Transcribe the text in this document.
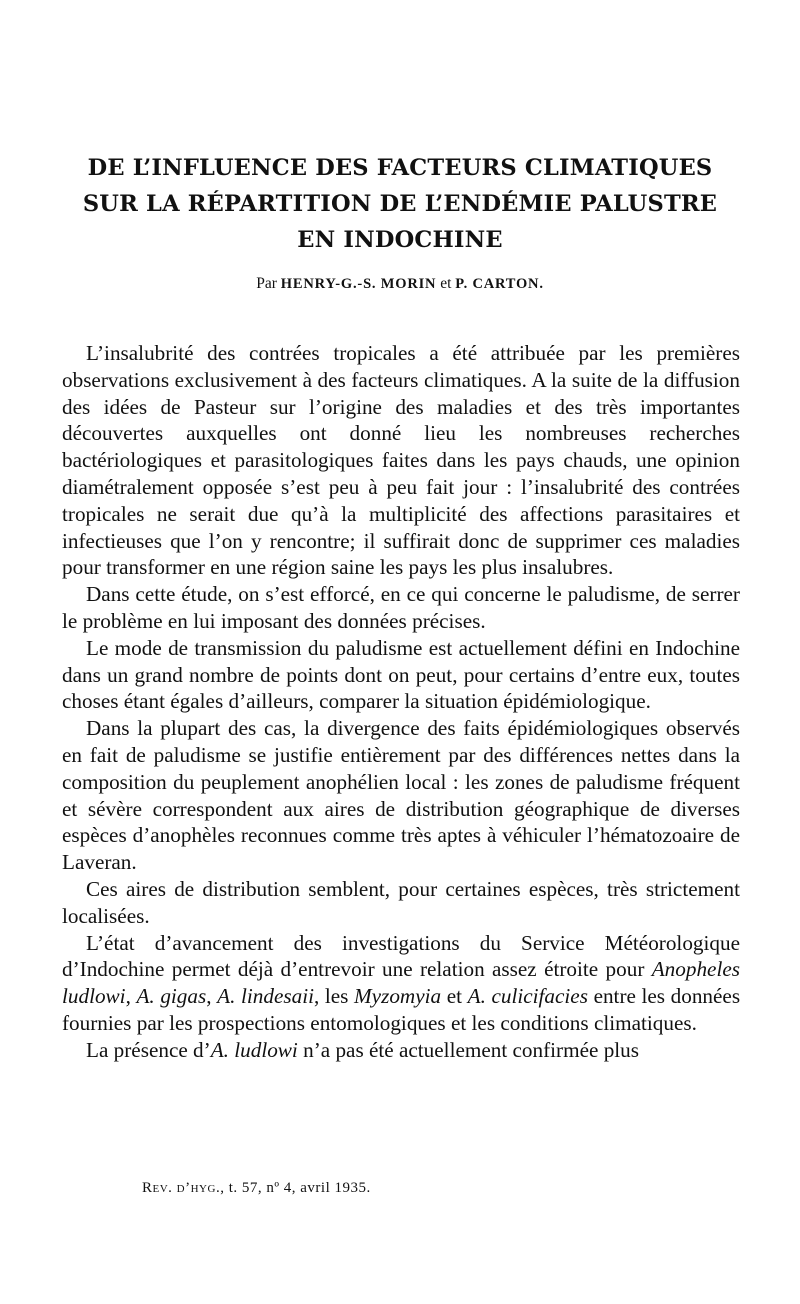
DE L’INFLUENCE DES FACTEURS CLIMATIQUES
SUR LA RÉPARTITION DE L’ENDÉMIE PALUSTRE
EN INDOCHINE
Par HENRY-G.-S. MORIN et P. CARTON.

L’insalubrité des contrées tropicales a été attribuée par les premières observations exclusivement à des facteurs climatiques. A la suite de la diffusion des idées de Pasteur sur l’origine des maladies et des très importantes découvertes auxquelles ont donné lieu les nombreuses recherches bactériologiques et parasitologiques faites dans les pays chauds, une opinion diamétralement opposée s’est peu à peu fait jour : l’insalubrité des contrées tropicales ne serait due qu’à la multiplicité des affections parasitaires et infectieuses que l’on y rencontre; il suffirait donc de supprimer ces maladies pour transformer en une région saine les pays les plus insalubres.

Dans cette étude, on s’est efforcé, en ce qui concerne le paludisme, de serrer le problème en lui imposant des données précises.

Le mode de transmission du paludisme est actuellement défini en Indochine dans un grand nombre de points dont on peut, pour certains d’entre eux, toutes choses étant égales d’ailleurs, comparer la situation épidémiologique.

Dans la plupart des cas, la divergence des faits épidémiologiques observés en fait de paludisme se justifie entièrement par des différences nettes dans la composition du peuplement anophélien local : les zones de paludisme fréquent et sévère correspondent aux aires de distribution géographique de diverses espèces d’anophèles reconnues comme très aptes à véhiculer l’hématozoaire de Laveran.

Ces aires de distribution semblent, pour certaines espèces, très strictement localisées.

L’état d’avancement des investigations du Service Météorologique d’Indochine permet déjà d’entrevoir une relation assez étroite pour Anopheles ludlowi, A. gigas, A. lindesaii, les Myzomyia et A. culicifacies entre les données fournies par les prospections entomologiques et les conditions climatiques.

La présence d’A. ludlowi n’a pas été actuellement confirmée plus

Rev. d’hyg., t. 57, nº 4, avril 1935.
